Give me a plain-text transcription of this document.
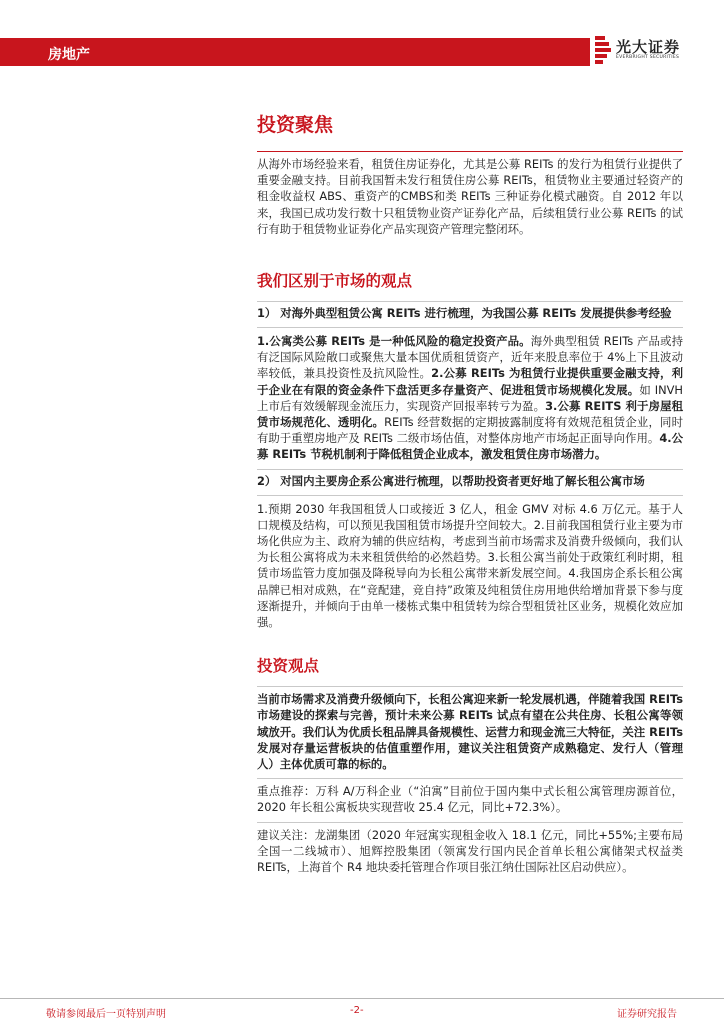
房地产	光大证券
EVERBRIGHT SECURITIES
投资聚焦

从海外市场经验来看，租赁住房证券化，尤其是公募 REITs 的发行为租赁行业提供了重要金融支持。目前我国暂未发行租赁住房公募 REITs，租赁物业主要通过轻资产的租金收益权 ABS、重资产的CMBS和类 REITs 三种证券化模式融资。自 2012 年以来，我国已成功发行数十只租赁物业资产证券化产品，后续租赁行业公募 REITs 的试行有助于租赁物业证券化产品实现资产管理完整闭环。

我们区别于市场的观点

1） 对海外典型租赁公寓 REITs 进行梳理，为我国公募 REITs 发展提供参考经验

1.公寓类公募 REITs 是一种低风险的稳定投资产品。海外典型租赁 REITs 产品或持有泛国际风险敞口或聚焦大量本国优质租赁资产，近年来股息率位于 4%上下且波动率较低，兼具投资性及抗风险性。2.公募 REITs 为租赁行业提供重要金融支持，利于企业在有限的资金条件下盘活更多存量资产、促进租赁市场规模化发展。如 INVH 上市后有效缓解现金流压力，实现资产回报率转亏为盈。3.公募 REITS 利于房屋租赁市场规范化、透明化。REITs 经营数据的定期披露制度将有效规范租赁企业，同时有助于重塑房地产及 REITs 二级市场估值，对整体房地产市场起正面导向作用。4.公募 REITs 节税机制利于降低租赁企业成本，激发租赁住房市场潜力。

2） 对国内主要房企系公寓进行梳理，以帮助投资者更好地了解长租公寓市场

1.预期 2030 年我国租赁人口或接近 3 亿人，租金 GMV 对标 4.6 万亿元。基于人口规模及结构，可以预见我国租赁市场提升空间较大。2.目前我国租赁行业主要为市场化供应为主、政府为辅的供应结构，考虑到当前市场需求及消费升级倾向，我们认为长租公寓将成为未来租赁供给的必然趋势。3.长租公寓当前处于政策红利时期，租赁市场监管力度加强及降税导向为长租公寓带来新发展空间。4.我国房企系长租公寓品牌已相对成熟，在“竞配建，竞自持”政策及纯租赁住房用地供给增加背景下参与度逐渐提升，并倾向于由单一楼栋式集中租赁转为综合型租赁社区业务，规模化效应加强。

投资观点

当前市场需求及消费升级倾向下，长租公寓迎来新一轮发展机遇，伴随着我国 REITs 市场建设的探索与完善，预计未来公募 REITs 试点有望在公共住房、长租公寓等领域放开。我们认为优质长租品牌具备规模性、运营力和现金流三大特征，关注 REITs 发展对存量运营板块的估值重塑作用，建议关注租赁资产成熟稳定、发行人（管理人）主体优质可靠的标的。

重点推荐：万科 A/万科企业（“泊寓”目前位于国内集中式长租公寓管理房源首位，2020 年长租公寓板块实现营收 25.4 亿元，同比+72.3%）。

建议关注：龙湖集团（2020 年冠寓实现租金收入 18.1 亿元，同比+55%;主要布局全国一二线城市）、旭辉控股集团（领寓发行国内民企首单长租公寓储架式权益类 REITs，上海首个 R4 地块委托管理合作项目张江纳仕国际社区启动供应）。

敬请参阅最后一页特别声明	-2-	证券研究报告
